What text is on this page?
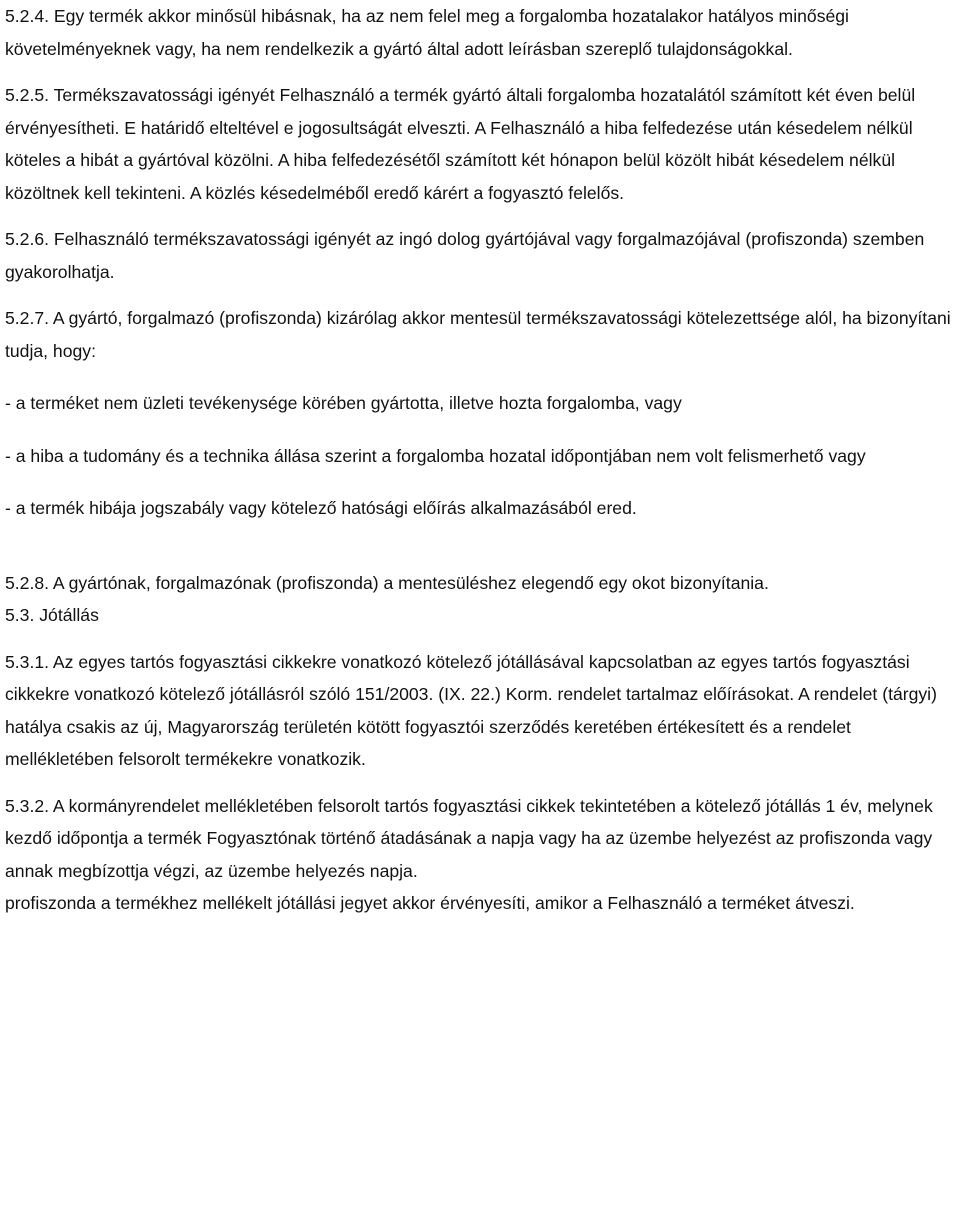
5.2.4. Egy termék akkor minősül hibásnak, ha az nem felel meg a forgalomba hozatalakor hatályos minőségi követelményeknek vagy, ha nem rendelkezik a gyártó által adott leírásban szereplő tulajdonságokkal.

5.2.5. Termékszavatossági igényét Felhasználó a termék gyártó általi forgalomba hozatalától számított két éven belül érvényesítheti. E határidő elteltével e jogosultságát elveszti. A Felhasználó a hiba felfedezése után késedelem nélkül köteles a hibát a gyártóval közölni. A hiba felfedezésétől számított két hónapon belül közölt hibát késedelem nélkül közöltnek kell tekinteni. A közlés késedelméből eredő kárért a fogyasztó felelős.

5.2.6. Felhasználó termékszavatossági igényét az ingó dolog gyártójával vagy forgalmazójával (profiszonda) szemben gyakorolhatja.

5.2.7. A gyártó, forgalmazó (profiszonda) kizárólag akkor mentesül termékszavatossági kötelezettsége alól, ha bizonyítani tudja, hogy:

- a terméket nem üzleti tevékenysége körében gyártotta, illetve hozta forgalomba, vagy

- a hiba a tudomány és a technika állása szerint a forgalomba hozatal időpontjában nem volt felismerhető vagy

- a termék hibája jogszabály vagy kötelező hatósági előírás alkalmazásából ered.

5.2.8. A gyártónak, forgalmazónak (profiszonda) a mentesüléshez elegendő egy okot bizonyítania.

5.3. Jótállás

5.3.1. Az egyes tartós fogyasztási cikkekre vonatkozó kötelező jótállásával kapcsolatban az egyes tartós fogyasztási cikkekre vonatkozó kötelező jótállásról szóló 151/2003. (IX. 22.) Korm. rendelet tartalmaz előírásokat. A rendelet (tárgyi) hatálya csakis az új, Magyarország területén kötött fogyasztói szerződés keretében értékesített és a rendelet mellékletében felsorolt termékekre vonatkozik.

5.3.2. A kormányrendelet mellékletében felsorolt tartós fogyasztási cikkek tekintetében a kötelező jótállás 1 év, melynek kezdő időpontja a termék Fogyasztónak történő átadásának a napja vagy ha az üzembe helyezést az profiszonda vagy annak megbízottja végzi, az üzembe helyezés napja.

profiszonda a termékhez mellékelt jótállási jegyet akkor érvényesíti, amikor a Felhasználó a terméket átveszi.
